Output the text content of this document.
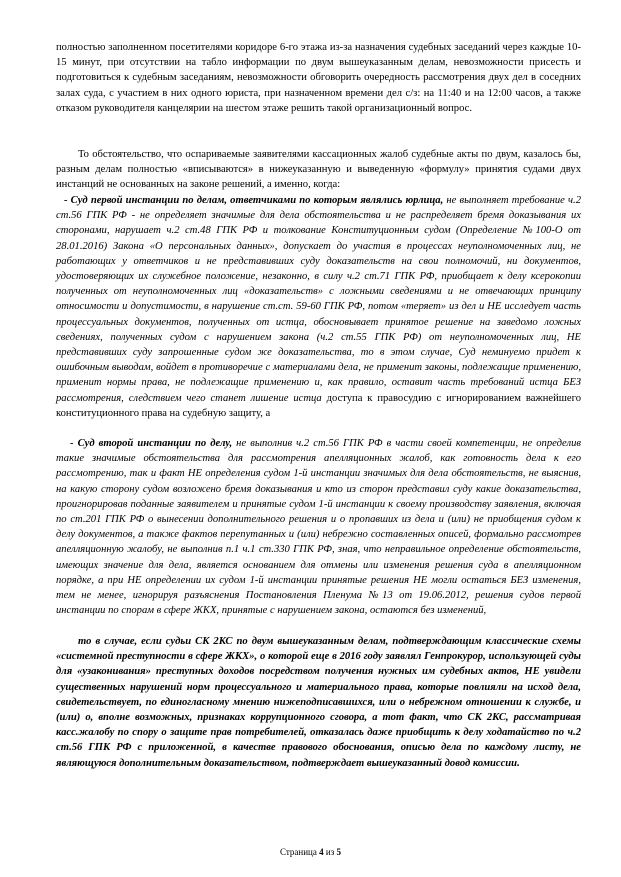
полностью заполненном посетителями коридоре 6-го этажа из-за назначения судебных заседаний через каждые 10-15 минут, при отсутствии на табло информации по двум вышеуказанным делам, невозможности присесть и подготовиться к судебным заседаниям, невозможности обговорить очередность рассмотрения двух дел в соседних залах суда, с участием в них одного юриста, при назначенном времени дел с/з: на 11:40 и на 12:00 часов, а также отказом руководителя канцелярии на шестом этаже решить такой организационный вопрос.
То обстоятельство, что оспариваемые заявителями кассационных жалоб судебные акты по двум, казалось бы, разным делам полностью «вписываются» в нижеуказанную и выведенную «формулу» принятия судами двух инстанций не основанных на законе решений, а именно, когда:
- Суд первой инстанции по делам, ответчиками по которым являлись юрлица, не выполняет требование ч.2 ст.56 ГПК РФ - не определяет значимые для дела обстоятельства и не распределяет бремя доказывания их сторонами, нарушает ч.2 ст.48 ГПК РФ и толкование Конституционным судом (Определение №100-О от 28.01.2016) Закона «О персональных данных», допускает до участия в процессах неуполномоченных лиц, не работающих у ответчиков и не представивших суду доказательств на свои полномочий, ни документов, удостоверяющих их служебное положение, незаконно, в силу ч.2 ст.71 ГПК РФ, приобщает к делу ксерокопии полученных от неуполномоченных лиц «доказательств» с ложными сведениями и не отвечающих принципу относимости и допустимости, в нарушение ст.ст. 59-60 ГПК РФ, потом «теряет» из дел и НЕ исследует часть процессуальных документов, полученных от истца, обосновывает принятое решение на заведомо ложных сведениях, полученных судом с нарушением закона (ч.2 ст.55 ГПК РФ) от неуполномоченных лиц, НЕ представивших суду запрошенные судом же доказательства, то в этом случае, Суд неминуемо придет к ошибочным выводам, войдет в противоречие с материалами дела, не применит законы, подлежащие применению, применит нормы права, не подлежащие применению и, как правило, оставит часть требований истца БЕЗ рассмотрения, следствием чего станет лишение истца доступа к правосудию с игнорированием важнейшего конституционного права на судебную защиту, а
- Суд второй инстанции по делу, не выполнив ч.2 ст.56 ГПК РФ в части своей компетенции, не определив такие значимые обстоятельства для рассмотрения апелляционных жалоб, как готовность дела к его рассмотрению, так и факт НЕ определения судом 1-й инстанции значимых для дела обстоятельств, не выяснив, на какую сторону судом возложено бремя доказывания и кто из сторон представил суду какие доказательства, проигнорировав поданные заявителем и принятые судом 1-й инстанции к своему производству заявления, включая по ст.201 ГПК РФ о вынесении дополнительного решения и о пропавших из дела и (или) не приобщения судом к делу документов, а также фактов перепутанных и (или) небрежно составленных описей, формально рассмотрев апелляционную жалобу, не выполнив п.1 ч.1 ст.330 ГПК РФ, зная, что неправильное определение обстоятельств, имеющих значение для дела, является основанием для отмены или изменения решения суда в апелляционном порядке, а при НЕ определении их судом 1-й инстанции принятые решения НЕ могли остаться БЕЗ изменения, тем не менее, игнорируя разъяснения Постановления Пленума №13 от 19.06.2012, решения судов первой инстанции по спорам в сфере ЖКХ, принятые с нарушением закона, остаются без изменений,
то в случае, если судьи СК 2КС по двум вышеуказанным делам, подтверждающим классические схемы «системной преступности в сфере ЖКХ», о которой еще в 2016 году заявлял Генпрокурор, использующей суды для «узаконивания» преступных доходов посредством получения нужных им судебных актов, НЕ увидели существенных нарушений норм процессуального и материального права, которые повлияли на исход дела, свидетельствует, по единогласному мнению нижеподписавшихся, или о небрежном отношении к службе, и (или) о, вполне возможных, признаках коррупционного сговора, а тот факт, что СК 2КС, рассматривая касс.жалобу по спору о защите прав потребителей, отказалась даже приобщить к делу ходатайство по ч.2 ст.56 ГПК РФ с приложенной, в качестве правового обоснования, описью дела по каждому листу, не являющуюся дополнительным доказательством, подтверждает вышеуказанный довод комиссии.
Страница 4 из 5
